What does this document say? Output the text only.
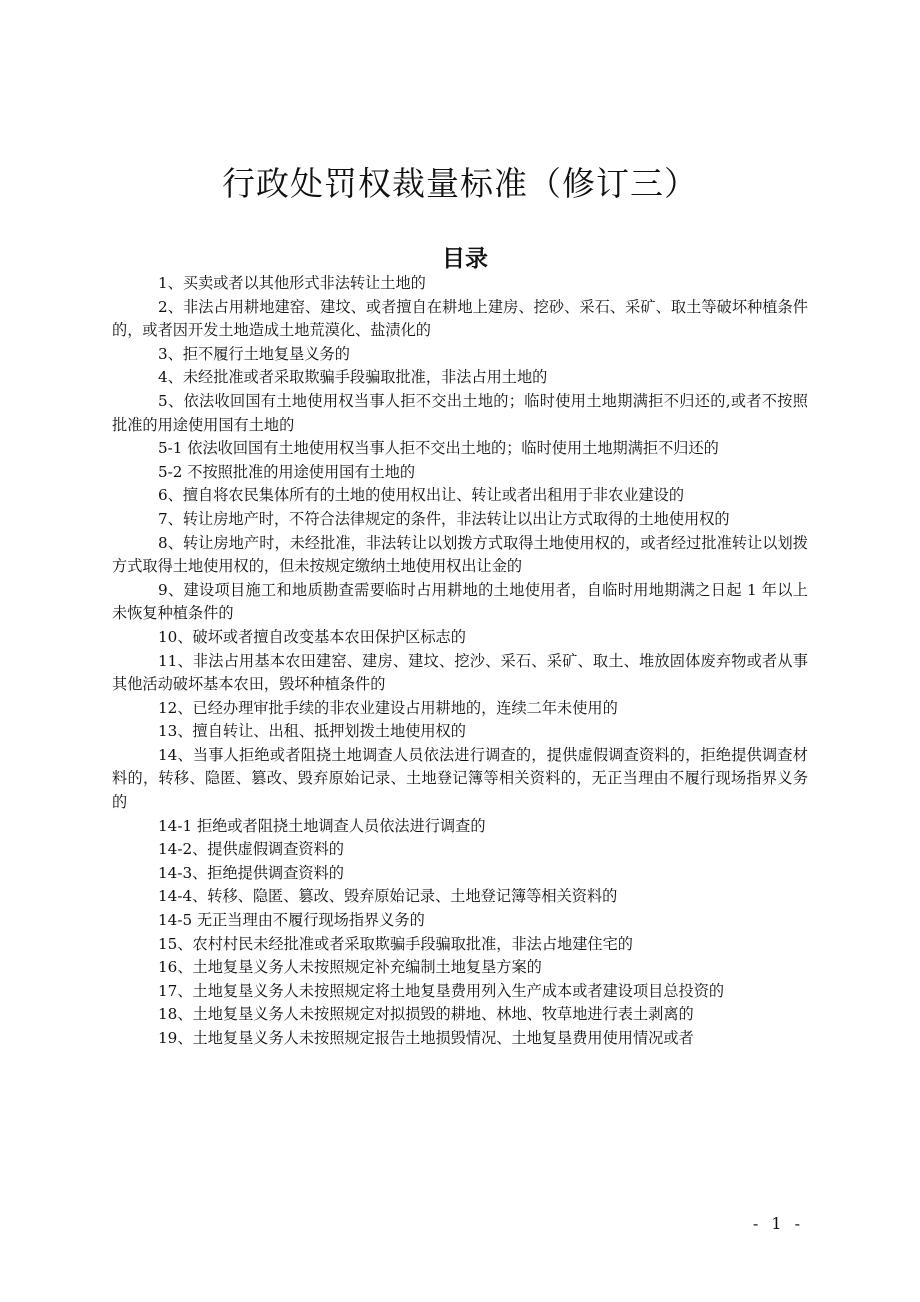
行政处罚权裁量标准（修订三）
目录

1、买卖或者以其他形式非法转让土地的

2、非法占用耕地建窑、建坟、或者擅自在耕地上建房、挖砂、采石、采矿、取土等破坏种植条件的，或者因开发土地造成土地荒漠化、盐渍化的

3、拒不履行土地复垦义务的

4、未经批准或者采取欺骗手段骗取批准，非法占用土地的

5、依法收回国有土地使用权当事人拒不交出土地的；临时使用土地期满拒不归还的,或者不按照批准的用途使用国有土地的

5-1 依法收回国有土地使用权当事人拒不交出土地的；临时使用土地期满拒不归还的

5-2 不按照批准的用途使用国有土地的

6、擅自将农民集体所有的土地的使用权出让、转让或者出租用于非农业建设的

7、转让房地产时，不符合法律规定的条件，非法转让以出让方式取得的土地使用权的

8、转让房地产时，未经批准，非法转让以划拨方式取得土地使用权的，或者经过批准转让以划拨方式取得土地使用权的，但未按规定缴纳土地使用权出让金的

9、建设项目施工和地质勘查需要临时占用耕地的土地使用者，自临时用地期满之日起 1 年以上未恢复种植条件的

10、破坏或者擅自改变基本农田保护区标志的

11、非法占用基本农田建窑、建房、建坟、挖沙、采石、采矿、取土、堆放固体废弃物或者从事其他活动破坏基本农田，毁坏种植条件的

12、已经办理审批手续的非农业建设占用耕地的，连续二年未使用的

13、擅自转让、出租、抵押划拨土地使用权的

14、当事人拒绝或者阻挠土地调查人员依法进行调查的，提供虚假调查资料的，拒绝提供调查材料的，转移、隐匿、篡改、毁弃原始记录、土地登记簿等相关资料的，无正当理由不履行现场指界义务的

14-1 拒绝或者阻挠土地调查人员依法进行调查的

14-2、提供虚假调查资料的

14-3、拒绝提供调查资料的

14-4、转移、隐匿、篡改、毁弃原始记录、土地登记簿等相关资料的

14-5 无正当理由不履行现场指界义务的

15、农村村民未经批准或者采取欺骗手段骗取批准，非法占地建住宅的

16、土地复垦义务人未按照规定补充编制土地复垦方案的

17、土地复垦义务人未按照规定将土地复垦费用列入生产成本或者建设项目总投资的

18、土地复垦义务人未按照规定对拟损毁的耕地、林地、牧草地进行表土剥离的

19、土地复垦义务人未按照规定报告土地损毁情况、土地复垦费用使用情况或者

- 1 -
